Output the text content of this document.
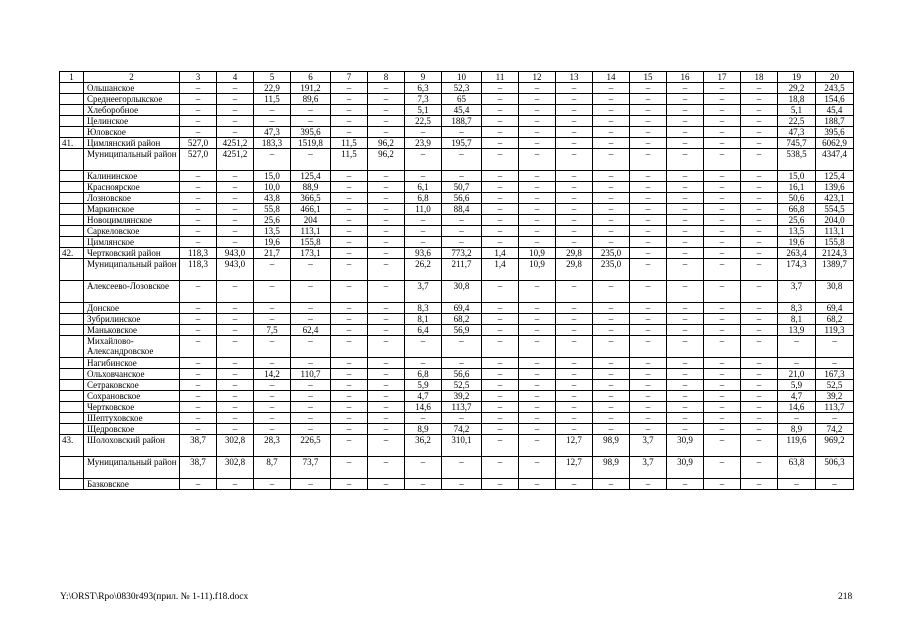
1	2	3	4	5	6	7	8	9	10	11	12	13	14	15	16	17	18	19	20
	Ольшанское	–	–	22,9	191,2	–	–	6,3	52,3	–	–	–	–	–	–	–	–	29,2	243,5
	Среднеегорлыкское	–	–	11,5	89,6	–	–	7,3	65	–	–	–	–	–	–	–	–	18,8	154,6
	Хлеборобное	–	–	–	–	–	–	5,1	45,4	–	–	–	–	–	–	–	–	5,1	45,4
	Целинское	–	–	–	–	–	–	22,5	188,7	–	–	–	–	–	–	–	–	22,5	188,7
	Юловское	–	–	47,3	395,6	–	–	–	–	–	–	–	–	–	–	–	–	47,3	395,6
41.	Цимлянский район	527,0	4251,2	183,3	1519,8	11,5	96,2	23,9	195,7	–	–	–	–	–	–	–	–	745,7	6062,9
	Муниципальный район	527,0	4251,2	–	–	11,5	96,2	–	–	–	–	–	–	–	–	–	–	538,5	4347,4
	Калининское	–	–	15,0	125,4	–	–	–	–	–	–	–	–	–	–	–	–	15,0	125,4
	Красноярское	–	–	10,0	88,9	–	–	6,1	50,7	–	–	–	–	–	–	–	–	16,1	139,6
	Лозновское	–	–	43,8	366,5	–	–	6,8	56,6	–	–	–	–	–	–	–	–	50,6	423,1
	Маркинское	–	–	55,8	466,1	–	–	11,0	88,4	–	–	–	–	–	–	–	–	66,8	554,5
	Новоцимлянское	–	–	25,6	204	–	–	–	–	–	–	–	–	–	–	–	–	25,6	204,0
	Саркеловское	–	–	13,5	113,1	–	–	–	–	–	–	–	–	–	–	–	–	13,5	113,1
	Цимлянское	–	–	19,6	155,8	–	–	–	–	–	–	–	–	–	–	–	–	19,6	155,8
42.	Чертковский район	118,3	943,0	21,7	173,1	–	–	93,6	773,2	1,4	10,9	29,8	235,0	–	–	–	–	263,4	2124,3
	Муниципальный район	118,3	943,0	–	–	–	–	26,2	211,7	1,4	10,9	29,8	235,0	–	–	–	–	174,3	1389,7
	Алексеево-Лозовское	–	–	–	–	–	–	3,7	30,8	–	–	–	–	–	–	–	–	3,7	30,8
	Донское	–	–	–	–	–	–	8,3	69,4	–	–	–	–	–	–	–	–	8,3	69,4
	Зубрилинское	–	–	–	–	–	–	8,1	68,2	–	–	–	–	–	–	–	–	8,1	68,2
	Маньковское	–	–	7,5	62,4	–	–	6,4	56,9	–	–	–	–	–	–	–	–	13,9	119,3
	Михайлово-Александровское	–	–	–	–	–	–	–	–	–	–	–	–	–	–	–	–	–	–
	Нагибинское	–	–	–	–	–	–	–	–	–	–	–	–	–	–	–	–	–	–
	Ольховчанское	–	–	14,2	110,7	–	–	6,8	56,6	–	–	–	–	–	–	–	–	21,0	167,3
	Сетраковское	–	–	–	–	–	–	5,9	52,5	–	–	–	–	–	–	–	–	5,9	52,5
	Сохрановское	–	–	–	–	–	–	4,7	39,2	–	–	–	–	–	–	–	–	4,7	39,2
	Чертковское	–	–	–	–	–	–	14,6	113,7	–	–	–	–	–	–	–	–	14,6	113,7
	Шептуховское	–	–	–	–	–	–	–	–	–	–	–	–	–	–	–	–	–	–
	Щедровское	–	–	–	–	–	–	8,9	74,2	–	–	–	–	–	–	–	–	8,9	74,2
43.	Шолоховский район	38,7	302,8	28,3	226,5	–	–	36,2	310,1	–	–	12,7	98,9	3,7	30,9	–	–	119,6	969,2
	Муниципальный район	38,7	302,8	8,7	73,7	–	–	–	–	–	–	12,7	98,9	3,7	30,9	–	–	63,8	506,3
	Базковское	–	–	–	–	–	–	–	–	–	–	–	–	–	–	–	–	–	–
Y:\ORST\Rpo\0830r493(прил. № 1-11).f18.docx	218
